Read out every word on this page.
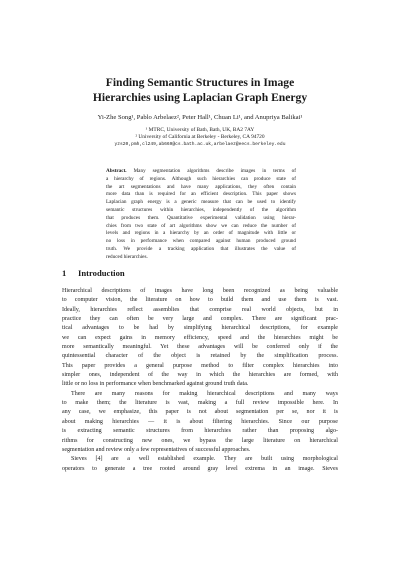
Finding Semantic Structures in Image
Hierarchies using Laplacian Graph Energy
Yi-Zhe Song¹, Pablo Arbelaez², Peter Hall¹, Chuan Li¹, and Anupriya Balikai¹
¹ MTRC, University of Bath, Bath, UK, BA2 7AY
² University of California at Berkeley - Berkeley, CA 94720
yzs20,pmh,cl249,ab669@cs.bath.ac.uk,arbelaez@eecs.berkeley.edu
Abstract. Many segmentation algorithms describe images in terms of
a hierarchy of regions. Although such hierarchies can produce state of
the art segmentations and have many applications, they often contain
more data than is required for an efficient description. This paper shows
Laplacian graph energy is a generic measure that can be used to identify
semantic structures within hierarchies, independently of the algorithm
that produces them. Quantitative experimental validation using hierar-
chies from two state of art algorithms show we can reduce the number of
levels and regions in a hierarchy by an order of magnitude with little or
no loss in performance when compared against human produced ground
truth. We provide a tracking application that illustrates the value of
reduced hierarchies.
1 Introduction
Hierarchical descriptions of images have long been recognized as being valuable
to computer vision, the literature on how to build them and use them is vast.
Ideally, hierarchies reflect assemblies that comprise real world objects, but in
practice they can often be very large and complex. There are significant prac-
tical advantages to be had by simplifying hierarchical descriptions, for example
we can expect gains in memory efficiency, speed and the hierarchies might be
more semantically meaningful. Yet these advantages will be conferred only if the
quintessential character of the object is retained by the simplification process.
This paper provides a general purpose method to filter complex hierarchies into
simpler ones, independent of the way in which the hierarchies are formed, with
little or no loss in performance when benchmarked against ground truth data.
There are many reasons for making hierarchical descriptions and many ways
to make them; the literature is vast, making a full review impossible here. In
any case, we emphasize, this paper is not about segmentation per se, nor it is
about making hierarchies — it is about filtering hierarchies. Since our purpose
is extracting semantic structures from hierarchies rather than proposing algo-
rithms for constructing new ones, we bypass the large literature on hierarchical
segmentation and review only a few representatives of successful approaches.
Sieves [4] are a well established example. They are built using morphological
operators to generate a tree rooted around gray level extrema in an image. Sieves
